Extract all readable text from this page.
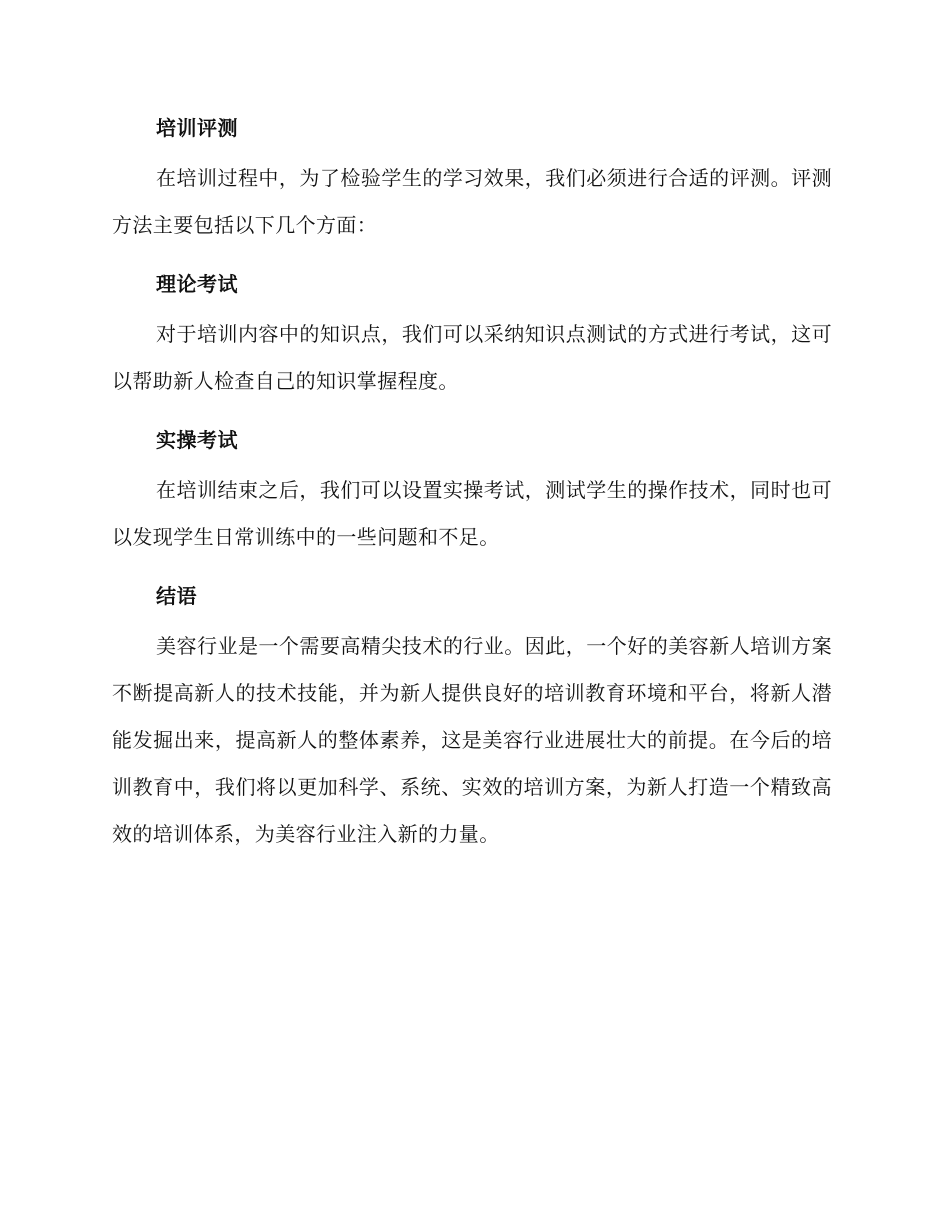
培训评测

在培训过程中，为了检验学生的学习效果，我们必须进行合适的评测。评测方法主要包括以下几个方面：

理论考试

对于培训内容中的知识点，我们可以采纳知识点测试的方式进行考试，这可以帮助新人检查自己的知识掌握程度。

实操考试

在培训结束之后，我们可以设置实操考试，测试学生的操作技术，同时也可以发现学生日常训练中的一些问题和不足。

结语

美容行业是一个需要高精尖技术的行业。因此，一个好的美容新人培训方案不断提高新人的技术技能，并为新人提供良好的培训教育环境和平台，将新人潜能发掘出来，提高新人的整体素养，这是美容行业进展壮大的前提。在今后的培训教育中，我们将以更加科学、系统、实效的培训方案，为新人打造一个精致高效的培训体系，为美容行业注入新的力量。
